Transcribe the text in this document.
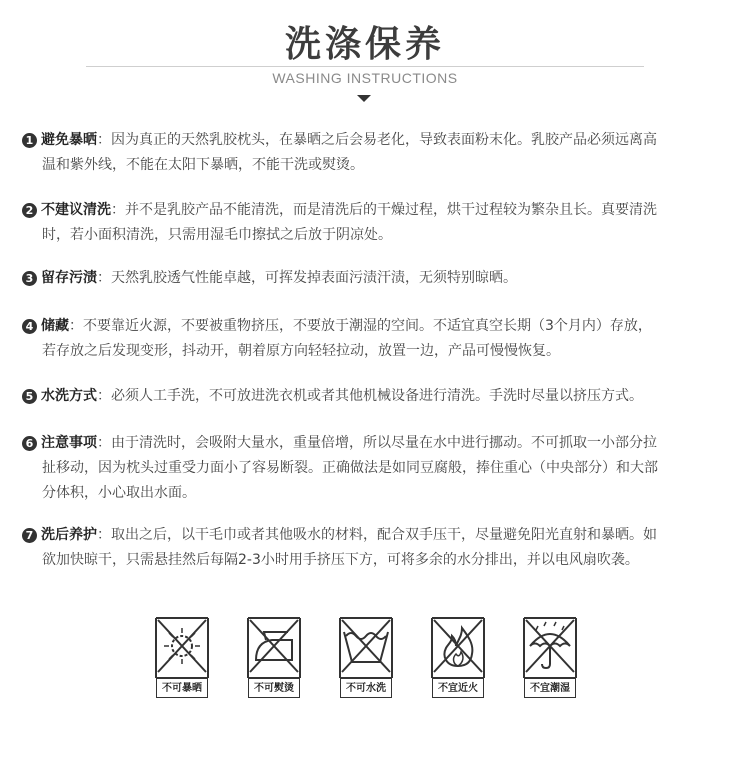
洗涤保养
WASHING INSTRUCTIONS
1 避免暴晒：因为真正的天然乳胶枕头，在暴晒之后会易老化，导致表面粉末化。乳胶产品必须远离高
温和紫外线，不能在太阳下暴晒，不能干洗或熨烫。
2 不建议清洗：并不是乳胶产品不能清洗，而是清洗后的干燥过程，烘干过程较为繁杂且长。真要清洗
时，若小面积清洗，只需用湿毛巾擦拭之后放于阴凉处。
3 留存污渍：天然乳胶透气性能卓越，可挥发掉表面污渍汗渍，无须特别晾晒。
4 储藏：不要靠近火源，不要被重物挤压，不要放于潮湿的空间。不适宜真空长期（3个月内）存放，
若存放之后发现变形，抖动开，朝着原方向轻轻拉动，放置一边，产品可慢慢恢复。
5 水洗方式：必须人工手洗，不可放进洗衣机或者其他机械设备进行清洗。手洗时尽量以挤压方式。
6 注意事项：由于清洗时，会吸附大量水，重量倍增，所以尽量在水中进行挪动。不可抓取一小部分拉
扯移动，因为枕头过重受力面小了容易断裂。正确做法是如同豆腐般，捧住重心（中央部分）和大部
分体积，小心取出水面。
7 洗后养护：取出之后，以干毛巾或者其他吸水的材料，配合双手压干，尽量避免阳光直射和暴晒。如
欲加快晾干，只需悬挂然后每隔2-3小时用手挤压下方，可将多余的水分排出，并以电风扇吹袭。
不可暴晒	不可熨烫	不可水洗	不宜近火	不宜潮湿
